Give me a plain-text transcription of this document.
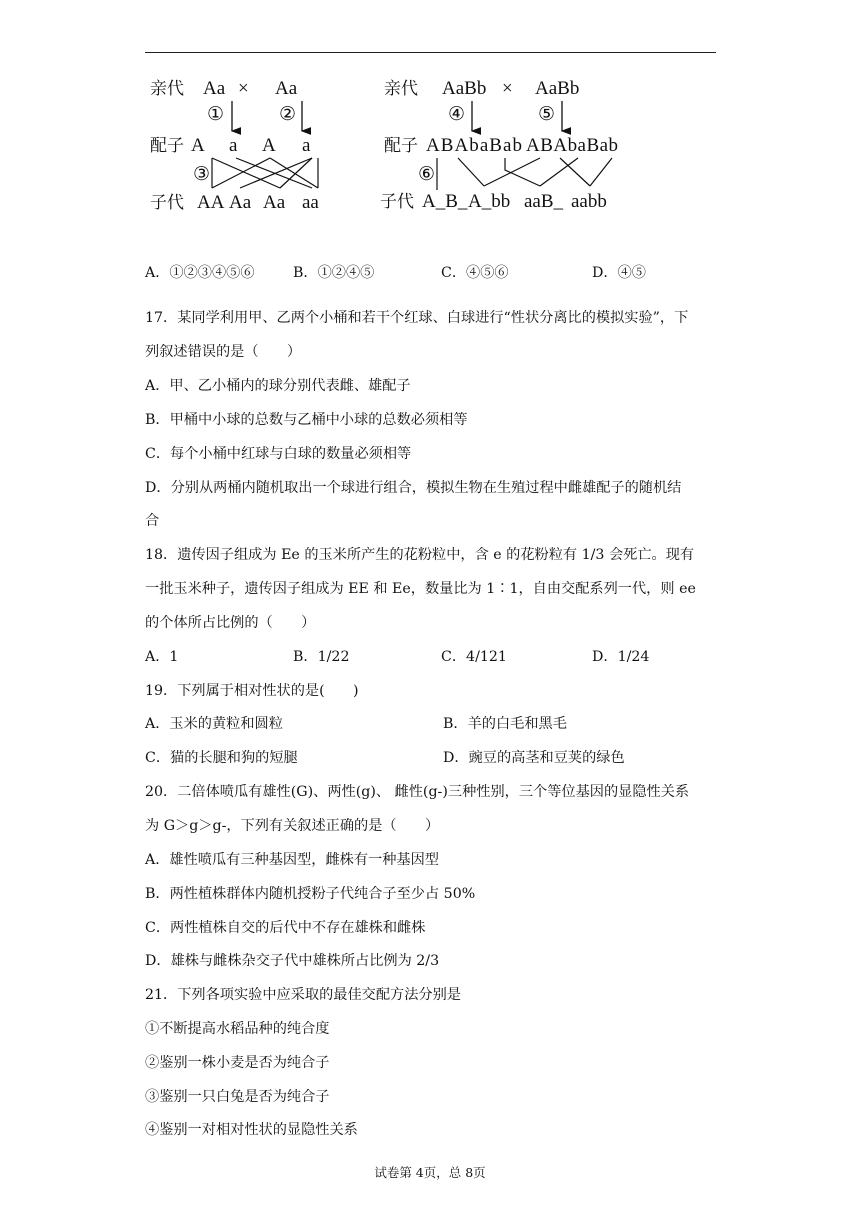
亲代 Aa × Aa
①	②
配子 A a A a
③
子代 AA Aa Aa aa
亲代 AaBb × AaBb
④	⑤
配子 ABAbaBab ABAbaBab
⑥
子代 A_B_ A_bb aaB_ aabb
A．①②③④⑤⑥	B．①②④⑤	C．④⑤⑥	D．④⑤
17．某同学利用甲、乙两个小桶和若干个红球、白球进行“性状分离比的模拟实验”，下
列叙述错误的是（　　）
A．甲、乙小桶内的球分别代表雌、雄配子
B．甲桶中小球的总数与乙桶中小球的总数必须相等
C．每个小桶中红球与白球的数量必须相等
D．分别从两桶内随机取出一个球进行组合，模拟生物在生殖过程中雌雄配子的随机结
合
18．遗传因子组成为 Ee 的玉米所产生的花粉粒中，含 e 的花粉粒有 1/3 会死亡。现有
一批玉米种子，遗传因子组成为 EE 和 Ee，数量比为 1∶1，自由交配系列一代，则 ee
的个体所占比例的（　　）
A．1	B．1/22	C．4/121	D．1/24
19．下列属于相对性状的是(　　)
A．玉米的黄粒和圆粒	B．羊的白毛和黑毛
C．猫的长腿和狗的短腿	D．豌豆的高茎和豆荚的绿色
20．二倍体喷瓜有雄性(G)、两性(g)、 雌性(g-)三种性别，三个等位基因的显隐性关系
为 G＞g＞g-，下列有关叙述正确的是（　　）
A．雄性喷瓜有三种基因型，雌株有一种基因型
B．两性植株群体内随机授粉子代纯合子至少占 50%
C．两性植株自交的后代中不存在雄株和雌株
D．雄株与雌株杂交子代中雄株所占比例为 2/3
21．下列各项实验中应采取的最佳交配方法分别是
①不断提高水稻品种的纯合度
②鉴别一株小麦是否为纯合子
③鉴别一只白兔是否为纯合子
④鉴别一对相对性状的显隐性关系
试卷第 4页，总 8页
